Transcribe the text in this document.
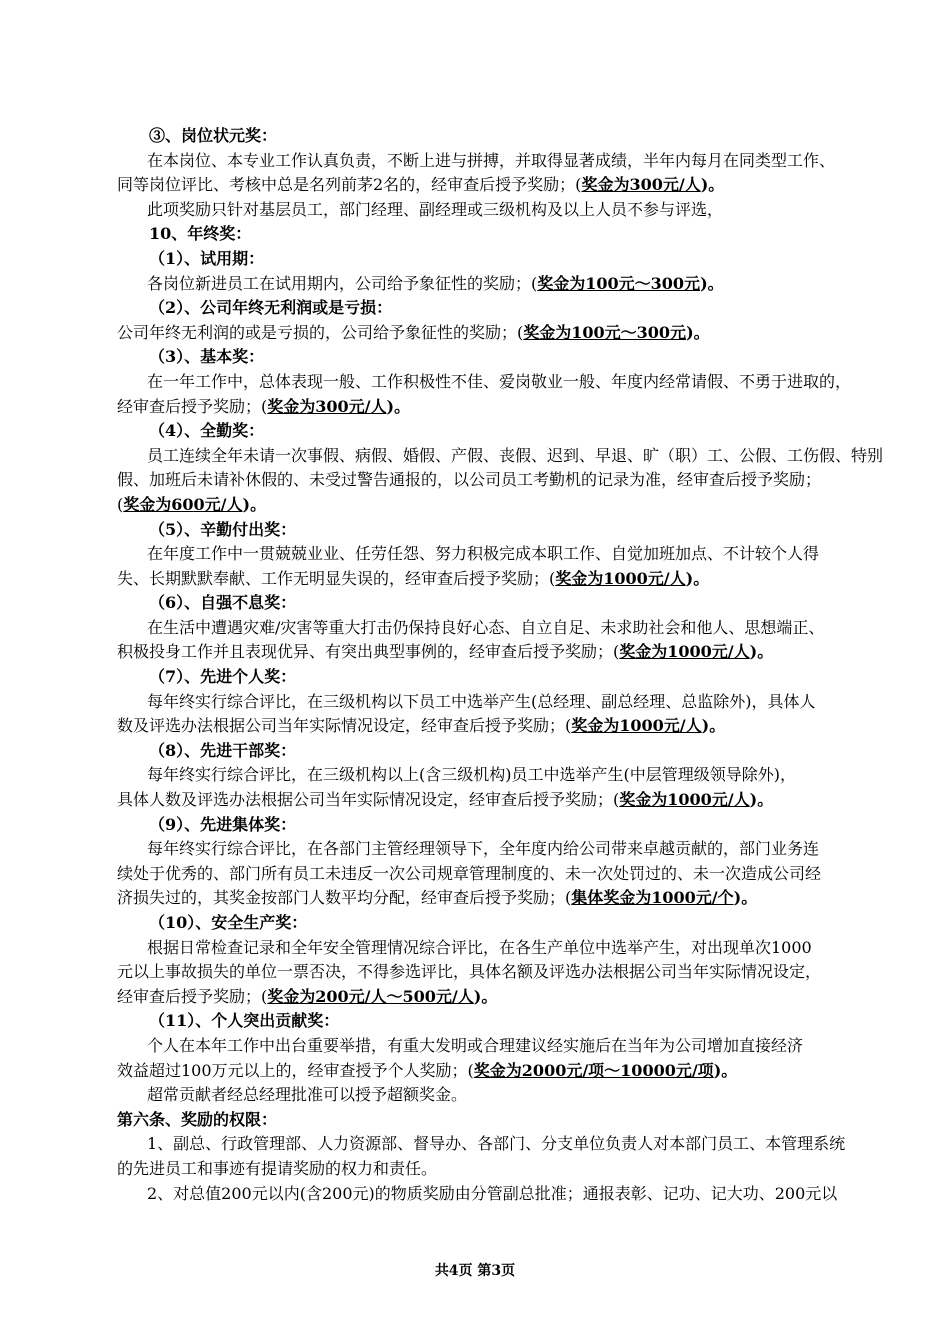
③、岗位状元奖：
在本岗位、本专业工作认真负责，不断上进与拼搏，并取得显著成绩，半年内每月在同类型工作、
同等岗位评比、考核中总是名列前茅2名的，经审查后授予奖励；(奖金为300元/人)。
此项奖励只针对基层员工，部门经理、副经理或三级机构及以上人员不参与评选，
10、年终奖：
（1）、试用期：
各岗位新进员工在试用期内，公司给予象征性的奖励；(奖金为100元～300元)。
（2）、公司年终无利润或是亏损：
公司年终无利润的或是亏损的，公司给予象征性的奖励；(奖金为100元～300元)。
（3）、基本奖：
在一年工作中，总体表现一般、工作积极性不佳、爱岗敬业一般、年度内经常请假、不勇于进取的，
经审查后授予奖励；(奖金为300元/人)。
（4）、全勤奖：
员工连续全年未请一次事假、病假、婚假、产假、丧假、迟到、早退、旷（职）工、公假、工伤假、特别
假、加班后未请补休假的、未受过警告通报的，以公司员工考勤机的记录为准，经审查后授予奖励；
(奖金为600元/人)。
（5）、辛勤付出奖：
在年度工作中一贯兢兢业业、任劳任怨、努力积极完成本职工作、自觉加班加点、不计较个人得
失、长期默默奉献、工作无明显失误的，经审查后授予奖励；(奖金为1000元/人)。
（6）、自强不息奖：
在生活中遭遇灾难/灾害等重大打击仍保持良好心态、自立自足、未求助社会和他人、思想端正、
积极投身工作并且表现优异、有突出典型事例的，经审查后授予奖励；(奖金为1000元/人)。
（7）、先进个人奖：
每年终实行综合评比，在三级机构以下员工中选举产生(总经理、副总经理、总监除外)，具体人
数及评选办法根据公司当年实际情况设定，经审查后授予奖励；(奖金为1000元/人)。
（8）、先进干部奖：
每年终实行综合评比，在三级机构以上(含三级机构)员工中选举产生(中层管理级领导除外)，
具体人数及评选办法根据公司当年实际情况设定，经审查后授予奖励；(奖金为1000元/人)。
（9）、先进集体奖：
每年终实行综合评比，在各部门主管经理领导下，全年度内给公司带来卓越贡献的，部门业务连
续处于优秀的、部门所有员工未违反一次公司规章管理制度的、未一次处罚过的、未一次造成公司经
济损失过的，其奖金按部门人数平均分配，经审查后授予奖励；(集体奖金为1000元/个)。
（10）、安全生产奖：
根据日常检查记录和全年安全管理情况综合评比，在各生产单位中选举产生，对出现单次1000
元以上事故损失的单位一票否决，不得参选评比，具体名额及评选办法根据公司当年实际情况设定，
经审查后授予奖励；(奖金为200元/人～500元/人)。
（11）、个人突出贡献奖：
个人在本年工作中出台重要举措，有重大发明或合理建议经实施后在当年为公司增加直接经济
效益超过100万元以上的，经审查授予个人奖励；(奖金为2000元/项～10000元/项)。
超常贡献者经总经理批准可以授予超额奖金。
第六条、奖励的权限：
1、副总、行政管理部、人力资源部、督导办、各部门、分支单位负责人对本部门员工、本管理系统
的先进员工和事迹有提请奖励的权力和责任。
2、对总值200元以内(含200元)的物质奖励由分管副总批准；通报表彰、记功、记大功、200元以
共4页 第3页
